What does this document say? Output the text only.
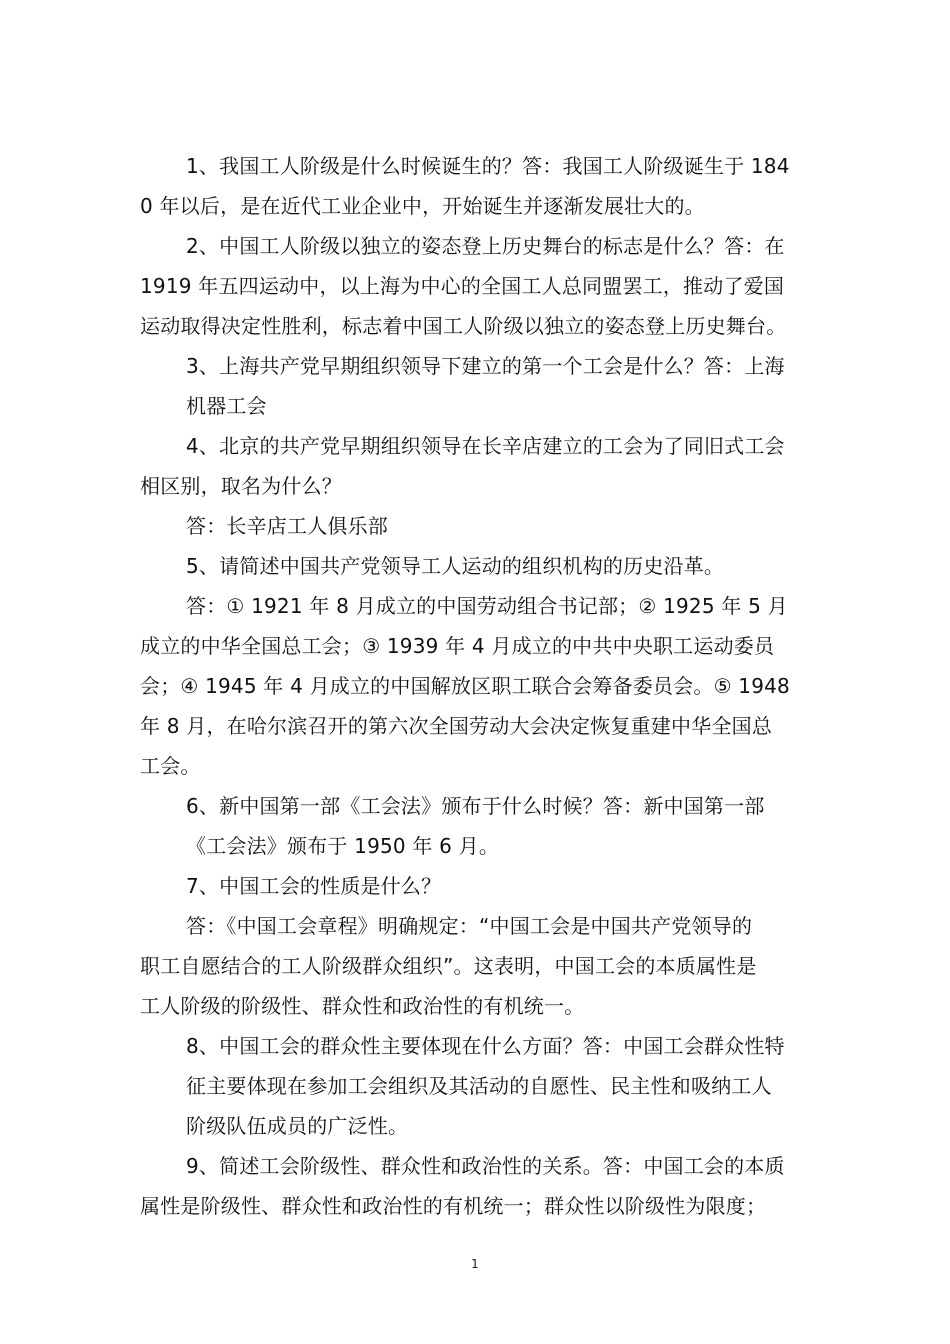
1、我国工人阶级是什么时候诞生的？答：我国工人阶级诞生于 184
0 年以后，是在近代工业企业中，开始诞生并逐渐发展壮大的。
2、中国工人阶级以独立的姿态登上历史舞台的标志是什么？答：在
1919 年五四运动中，以上海为中心的全国工人总同盟罢工，推动了爱国
运动取得决定性胜利，标志着中国工人阶级以独立的姿态登上历史舞台。
3、上海共产党早期组织领导下建立的第一个工会是什么？答：上海
机器工会
4、北京的共产党早期组织领导在长辛店建立的工会为了同旧式工会
相区别，取名为什么？
答：长辛店工人俱乐部
5、请简述中国共产党领导工人运动的组织机构的历史沿革。
答：① 1921 年 8 月成立的中国劳动组合书记部；② 1925 年 5 月
成立的中华全国总工会；③ 1939 年 4 月成立的中共中央职工运动委员
会；④ 1945 年 4 月成立的中国解放区职工联合会筹备委员会。⑤ 1948
年 8 月，在哈尔滨召开的第六次全国劳动大会决定恢复重建中华全国总
工会。
6、新中国第一部《工会法》颁布于什么时候？答：新中国第一部
《工会法》颁布于 1950 年 6 月。
7、中国工会的性质是什么？
答：《中国工会章程》明确规定：“中国工会是中国共产党领导的
职工自愿结合的工人阶级群众组织”。这表明，中国工会的本质属性是
工人阶级的阶级性、群众性和政治性的有机统一。
8、中国工会的群众性主要体现在什么方面？答：中国工会群众性特
征主要体现在参加工会组织及其活动的自愿性、民主性和吸纳工人
阶级队伍成员的广泛性。
9、简述工会阶级性、群众性和政治性的关系。答：中国工会的本质
属性是阶级性、群众性和政治性的有机统一；群众性以阶级性为限度；
1
